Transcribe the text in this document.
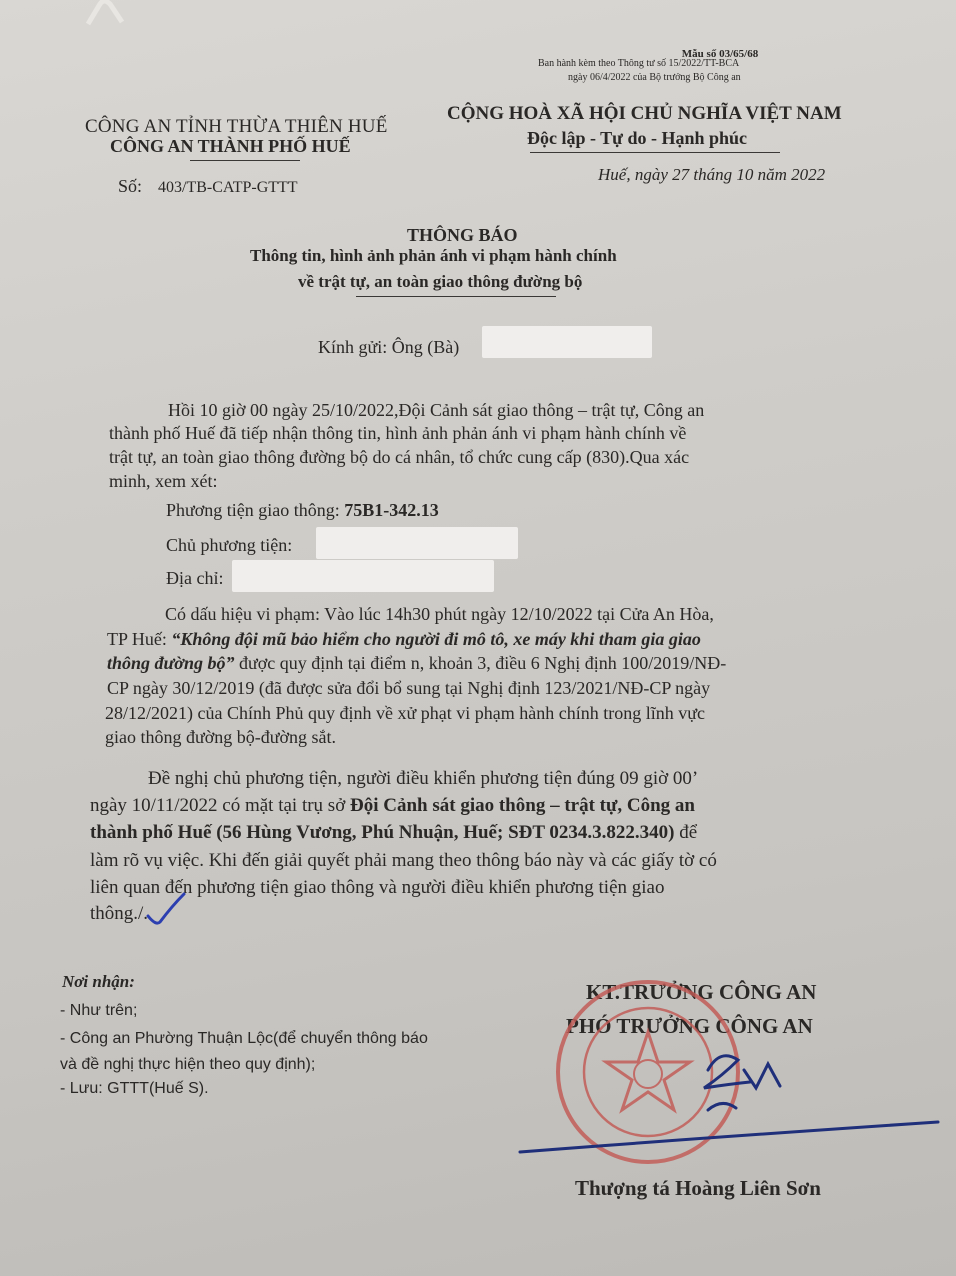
Mẫu số 03/65/68
Ban hành kèm theo Thông tư số 15/2022/TT-BCA
ngày 06/4/2022 của Bộ trưởng Bộ Công an
CÔNG AN TỈNH THỪA THIÊN HUẾ
CÔNG AN THÀNH PHỐ HUẾ
CỘNG HOÀ XÃ HỘI CHỦ NGHĨA VIỆT NAM
Độc lập - Tự do - Hạnh phúc
Số: 403/TB-CATP-GTTT
Huế, ngày 27 tháng 10 năm 2022
THÔNG BÁO
Thông tin, hình ảnh phản ánh vi phạm hành chính
về trật tự, an toàn giao thông đường bộ
Kính gửi: Ông (Bà)
Hồi 10 giờ 00 ngày 25/10/2022,Đội Cảnh sát giao thông – trật tự, Công an
thành phố Huế đã tiếp nhận thông tin, hình ảnh phản ánh vi phạm hành chính về
trật tự, an toàn giao thông đường bộ do cá nhân, tổ chức cung cấp (830).Qua xác
minh, xem xét:
Phương tiện giao thông: 75B1-342.13
Chủ phương tiện:
Địa chỉ:
Có dấu hiệu vi phạm: Vào lúc 14h30 phút ngày 12/10/2022 tại Cửa An Hòa,
TP Huế: “Không đội mũ bảo hiểm cho người đi mô tô, xe máy khi tham gia giao
thông đường bộ” được quy định tại điểm n, khoản 3, điều 6 Nghị định 100/2019/NĐ-
CP ngày 30/12/2019 (đã được sửa đổi bổ sung tại Nghị định 123/2021/NĐ-CP ngày
28/12/2021) của Chính Phủ quy định về xử phạt vi phạm hành chính trong lĩnh vực
giao thông đường bộ-đường sắt.
Đề nghị chủ phương tiện, người điều khiển phương tiện đúng 09 giờ 00’
ngày 10/11/2022 có mặt tại trụ sở Đội Cảnh sát giao thông – trật tự, Công an
thành phố Huế (56 Hùng Vương, Phú Nhuận, Huế; SĐT 0234.3.822.340) để
làm rõ vụ việc. Khi đến giải quyết phải mang theo thông báo này và các giấy tờ có
liên quan đến phương tiện giao thông và người điều khiển phương tiện giao
thông./.
Nơi nhận:
- Như trên;
- Công an Phường Thuận Lộc(để chuyển thông báo
và đề nghị thực hiện theo quy định);
- Lưu: GTTT(Huế S).
KT.TRƯỞNG CÔNG AN
PHÓ TRƯỞNG CÔNG AN
Thượng tá Hoàng Liên Sơn
